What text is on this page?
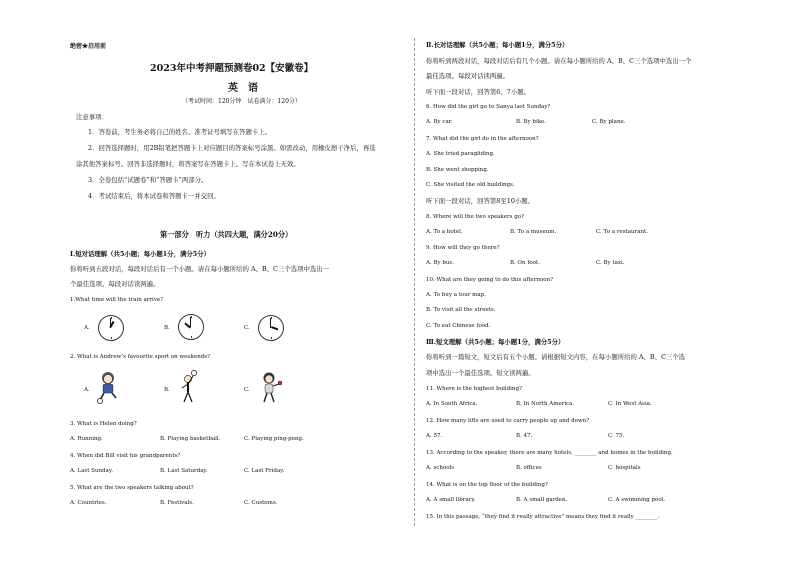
绝密★启用前
2023年中考押题预测卷02【安徽卷】
英　语
（考试时间：120分钟　试卷满分：120分）
注意事项：
1．答卷前，考生务必将自己的姓名、准考证号填写在答题卡上。
2．回答选择题时，用2B铅笔把答题卡上对应题目的答案标号涂黑。如需改动，用橡皮擦干净后，再选
涂其他答案标号。回答非选择题时，将答案写在答题卡上。写在本试卷上无效。
3．全卷包括“试题卷”和“答题卡”两部分。
4．考试结束后，将本试卷和答题卡一并交回。
第一部分　听力（共四大题，满分20分）
Ⅰ.短对话理解（共5小题；每小题1分，满分5分）
你将听到五段对话，每段对话后有一个小题。请在每小题所给的 A、B、C三个选项中选出一
个最佳选项。每段对话读两遍。
1.What time will the train arrive?
A.	B.	C.
2. What is Andrew’s favourite sport on weekends?
A.	B.	C.
3. What is Helen doing?
A. Running.	B. Playing basketball.	C. Playing ping-pong.
4. When did Bill visit his grandparents?
A. Last Sunday.	B. Last Saturday.	C. Last Friday.
5. What are the two speakers talking about?
A. Countries.	B. Festivals.	C. Customs.
Ⅱ.长对话理解（共5小题；每小题1分，满分5分）
你将听到两段对话，每段对话后有几个小题。请在每小题所给的 A、B、C三个选项中选出一个
最佳选项。每段对话读两遍。
听下面一段对话，回答第6、7小题。
6. How did the girl go to Sanya last Sunday?
A. By car.	B. By bike.	C. By plane.
7. What did the girl do in the afternoon?
A. She tried paragliding.
B. She went shopping.
C. She visited the old buildings.
听下面一段对话，回答第8至10小题。
8. Where will the two speakers go?
A. To a hotel.	B. To a museum.	C. To a restaurant.
9. How will they go there?
A. By bus.	B. On foot.	C. By taxi.
10. What are they going to do this afternoon?
A. To buy a tour map.
B. To visit all the streets.
C. To eat Chinese food.
Ⅲ.短文理解（共5小题；每小题1分，满分5分）
你将听到一篇短文，短文后有五个小题。请根据短文内容，在每小题所给的 A、B、C三个选
项中选出一个最佳选项。短文读两遍。
11. Where is the highest building?
A. In South Africa.	B. In North America.	C. In West Asia.
12. How many lifts are used to carry people up and down?
A. 57.	B. 47.	C. 75.
13. According to the speaker, there are many hotels, ________ and homes in the building.
A. schools	B. offices	C. hospitals
14. What is on the top floor of the building?
A. A small library.	B. A small garden.	C. A swimming pool.
15. In this passage, “they find it really attractive” means they find it really ________.
